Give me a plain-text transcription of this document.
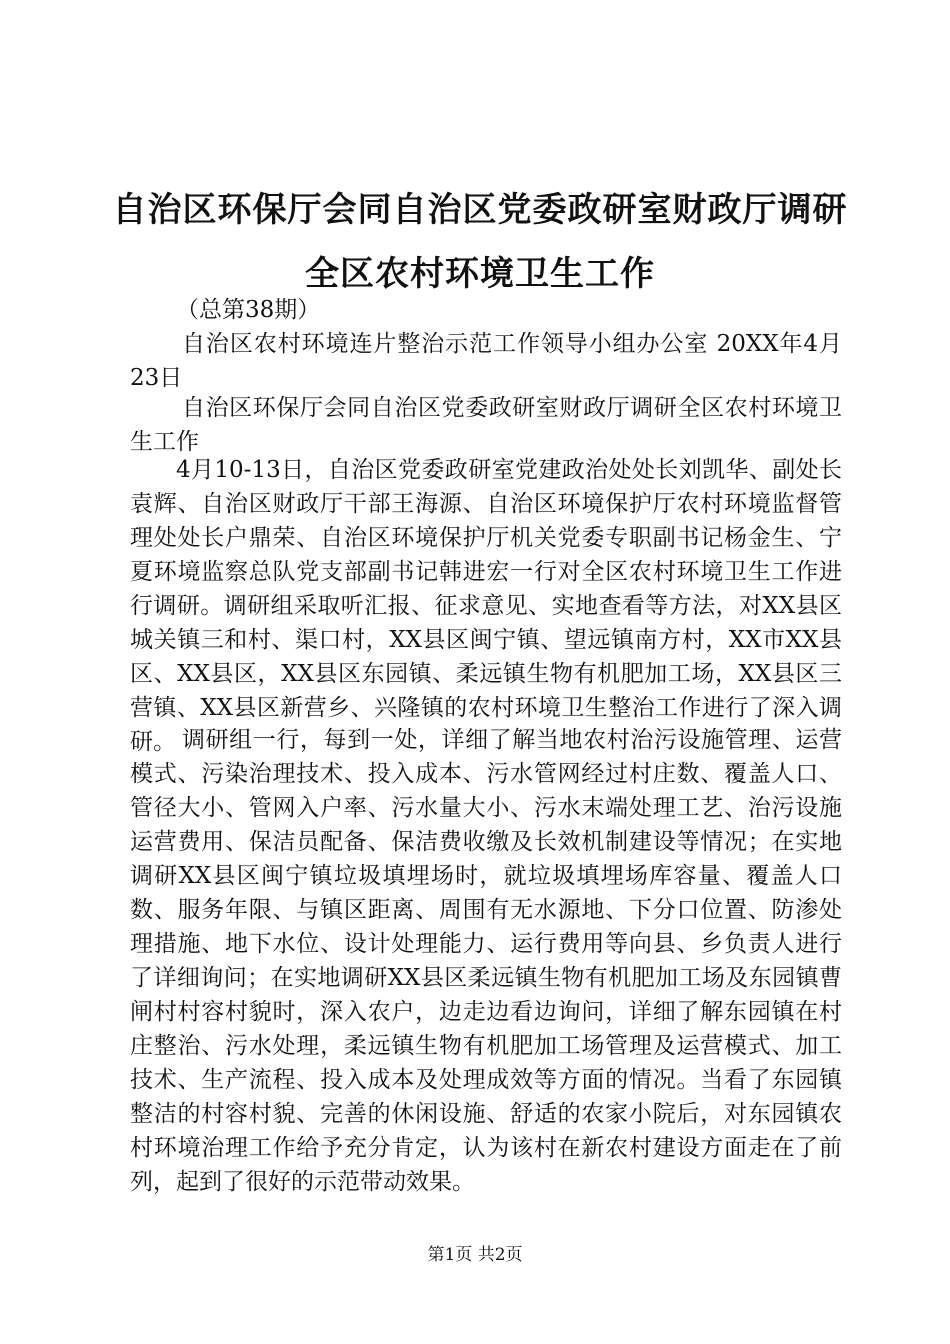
自治区环保厅会同自治区党委政研室财政厅调研全区农村环境卫生工作

（总第38期）

自治区农村环境连片整治示范工作领导小组办公室 20XX年4月23日

自治区环保厅会同自治区党委政研室财政厅调研全区农村环境卫生工作

4月10-13日，自治区党委政研室党建政治处处长刘凯华、副处长袁辉、自治区财政厅干部王海源、自治区环境保护厅农村环境监督管理处处长户鼎荣、自治区环境保护厅机关党委专职副书记杨金生、宁夏环境监察总队党支部副书记韩进宏一行对全区农村环境卫生工作进行调研。调研组采取听汇报、征求意见、实地查看等方法，对XX县区城关镇三和村、渠口村，XX县区闽宁镇、望远镇南方村，XX市XX县区、XX县区，XX县区东园镇、柔远镇生物有机肥加工场，XX县区三营镇、XX县区新营乡、兴隆镇的农村环境卫生整治工作进行了深入调研。 调研组一行，每到一处，详细了解当地农村治污设施管理、运营模式、污染治理技术、投入成本、污水管网经过村庄数、覆盖人口、管径大小、管网入户率、污水量大小、污水末端处理工艺、治污设施运营费用、保洁员配备、保洁费收缴及长效机制建设等情况；在实地调研XX县区闽宁镇垃圾填埋场时，就垃圾填埋场库容量、覆盖人口数、服务年限、与镇区距离、周围有无水源地、下分口位置、防渗处理措施、地下水位、设计处理能力、运行费用等向县、乡负责人进行了详细询问；在实地调研XX县区柔远镇生物有机肥加工场及东园镇曹闸村村容村貌时，深入农户，边走边看边询问，详细了解东园镇在村庄整治、污水处理，柔远镇生物有机肥加工场管理及运营模式、加工技术、生产流程、投入成本及处理成效等方面的情况。当看了东园镇整洁的村容村貌、完善的休闲设施、舒适的农家小院后，对东园镇农村环境治理工作给予充分肯定，认为该村在新农村建设方面走在了前列，起到了很好的示范带动效果。

第1页 共2页
